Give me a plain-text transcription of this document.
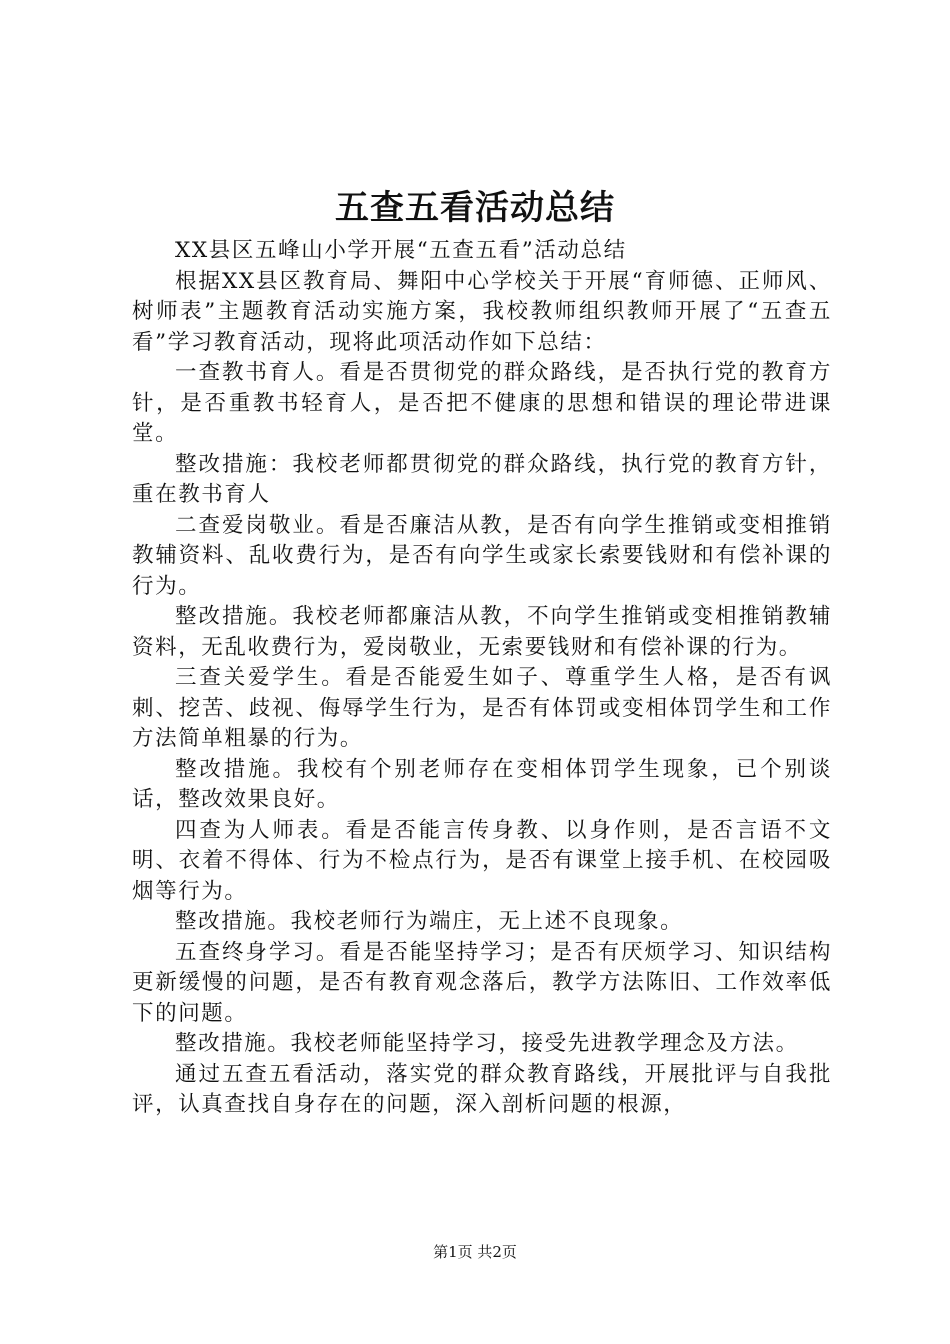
五查五看活动总结

XX县区五峰山小学开展“五查五看”活动总结

根据XX县区教育局、舞阳中心学校关于开展“育师德、正师风、树师表”主题教育活动实施方案，我校教师组织教师开展了“五查五看”学习教育活动，现将此项活动作如下总结：

一查教书育人。看是否贯彻党的群众路线，是否执行党的教育方针，是否重教书轻育人，是否把不健康的思想和错误的理论带进课堂。

整改措施：我校老师都贯彻党的群众路线，执行党的教育方针，重在教书育人

二查爱岗敬业。看是否廉洁从教，是否有向学生推销或变相推销教辅资料、乱收费行为，是否有向学生或家长索要钱财和有偿补课的行为。

整改措施。我校老师都廉洁从教，不向学生推销或变相推销教辅资料，无乱收费行为，爱岗敬业，无索要钱财和有偿补课的行为。

三查关爱学生。看是否能爱生如子、尊重学生人格，是否有讽刺、挖苦、歧视、侮辱学生行为，是否有体罚或变相体罚学生和工作方法简单粗暴的行为。

整改措施。我校有个别老师存在变相体罚学生现象，已个别谈话，整改效果良好。

四查为人师表。看是否能言传身教、以身作则，是否言语不文明、衣着不得体、行为不检点行为，是否有课堂上接手机、在校园吸烟等行为。

整改措施。我校老师行为端庄，无上述不良现象。

五查终身学习。看是否能坚持学习；是否有厌烦学习、知识结构更新缓慢的问题，是否有教育观念落后，教学方法陈旧、工作效率低下的问题。

整改措施。我校老师能坚持学习，接受先进教学理念及方法。

通过五查五看活动，落实党的群众教育路线，开展批评与自我批评，认真查找自身存在的问题，深入剖析问题的根源，

第1页 共2页
